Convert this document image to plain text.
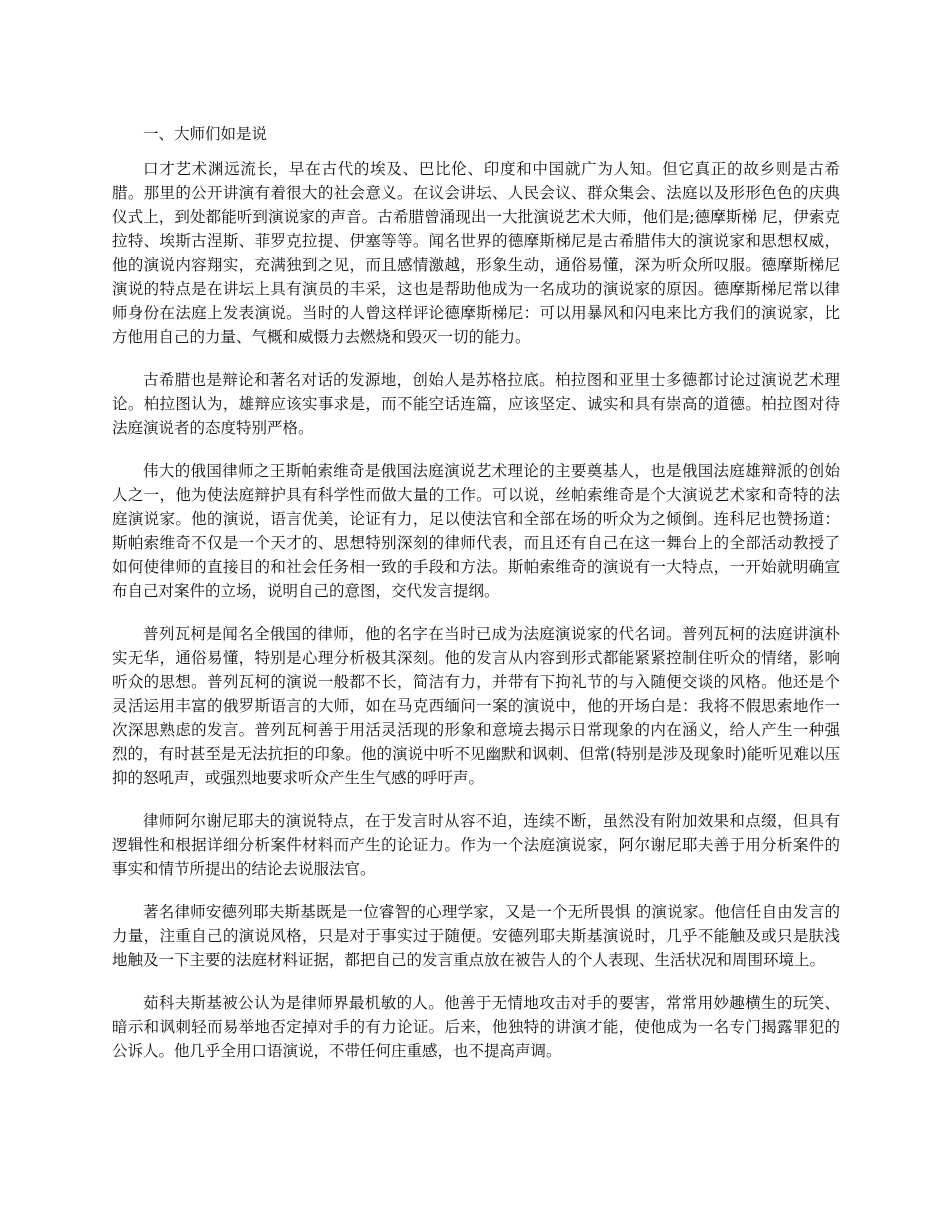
一、大师们如是说

口才艺术渊远流长，早在古代的埃及、巴比伦、印度和中国就广为人知。但它真正的故乡则是古希腊。那里的公开讲演有着很大的社会意义。在议会讲坛、人民会议、群众集会、法庭以及形形色色的庆典仪式上，到处都能听到演说家的声音。古希腊曾涌现出一大批演说艺术大师，他们是;德摩斯梯 尼，伊索克拉特、埃斯古涅斯、菲罗克拉提、伊塞等等。闻名世界的德摩斯梯尼是古希腊伟大的演说家和思想权威，他的演说内容翔实，充满独到之见，而且感情激越，形象生动，通俗易懂，深为听众所叹服。德摩斯梯尼演说的特点是在讲坛上具有演员的丰采，这也是帮助他成为一名成功的演说家的原因。德摩斯梯尼常以律师身份在法庭上发表演说。当时的人曾这样评论德摩斯梯尼：可以用暴风和闪电来比方我们的演说家，比方他用自己的力量、气概和威慑力去燃烧和毁灭一切的能力。

古希腊也是辩论和著名对话的发源地，创始人是苏格拉底。柏拉图和亚里士多德都讨论过演说艺术理论。柏拉图认为，雄辩应该实事求是，而不能空话连篇，应该坚定、诚实和具有崇高的道德。柏拉图对待法庭演说者的态度特别严格。

伟大的俄国律师之王斯帕索维奇是俄国法庭演说艺术理论的主要奠基人，也是俄国法庭雄辩派的创始人之一，他为使法庭辩护具有科学性而做大量的工作。可以说，丝帕索维奇是个大演说艺术家和奇特的法庭演说家。他的演说，语言优美，论证有力，足以使法官和全部在场的听众为之倾倒。连科尼也赞扬道：斯帕索维奇不仅是一个天才的、思想特别深刻的律师代表，而且还有自己在这一舞台上的全部活动教授了如何使律师的直接目的和社会任务相一致的手段和方法。斯帕索维奇的演说有一大特点，一开始就明确宣布自己对案件的立场，说明自己的意图，交代发言提纲。

普列瓦柯是闻名全俄国的律师，他的名字在当时已成为法庭演说家的代名词。普列瓦柯的法庭讲演朴实无华，通俗易懂，特别是心理分析极其深刻。他的发言从内容到形式都能紧紧控制住听众的情绪，影响听众的思想。普列瓦柯的演说一般都不长，简洁有力，并带有下拘礼节的与入随便交谈的风格。他还是个灵活运用丰富的俄罗斯语言的大师，如在马克西缅问一案的演说中，他的开场白是：我将不假思索地作一次深思熟虑的发言。普列瓦柯善于用活灵活现的形象和意境去揭示日常现象的内在涵义，给人产生一种强烈的，有时甚至是无法抗拒的印象。他的演说中听不见幽默和讽刺、但常(特别是涉及现象时)能听见难以压抑的怒吼声，或强烈地要求听众产生生气感的呼吁声。

律师阿尔谢尼耶夫的演说特点，在于发言时从容不迫，连续不断，虽然没有附加效果和点缀，但具有逻辑性和根据详细分析案件材料而产生的论证力。作为一个法庭演说家，阿尔谢尼耶夫善于用分析案件的事实和情节所提出的结论去说服法官。

著名律师安德列耶夫斯基既是一位睿智的心理学家，又是一个无所畏惧 的演说家。他信任自由发言的力量，注重自己的演说风格，只是对于事实过于随便。安德列耶夫斯基演说时，几乎不能触及或只是肤浅地触及一下主要的法庭材料证据，都把自己的发言重点放在被告人的个人表现、生活状况和周围环境上。

茹科夫斯基被公认为是律师界最机敏的人。他善于无情地攻击对手的要害，常常用妙趣横生的玩笑、暗示和讽刺轻而易举地否定掉对手的有力论证。后来，他独特的讲演才能，使他成为一名专门揭露罪犯的公诉人。他几乎全用口语演说，不带任何庄重感，也不提高声调。
